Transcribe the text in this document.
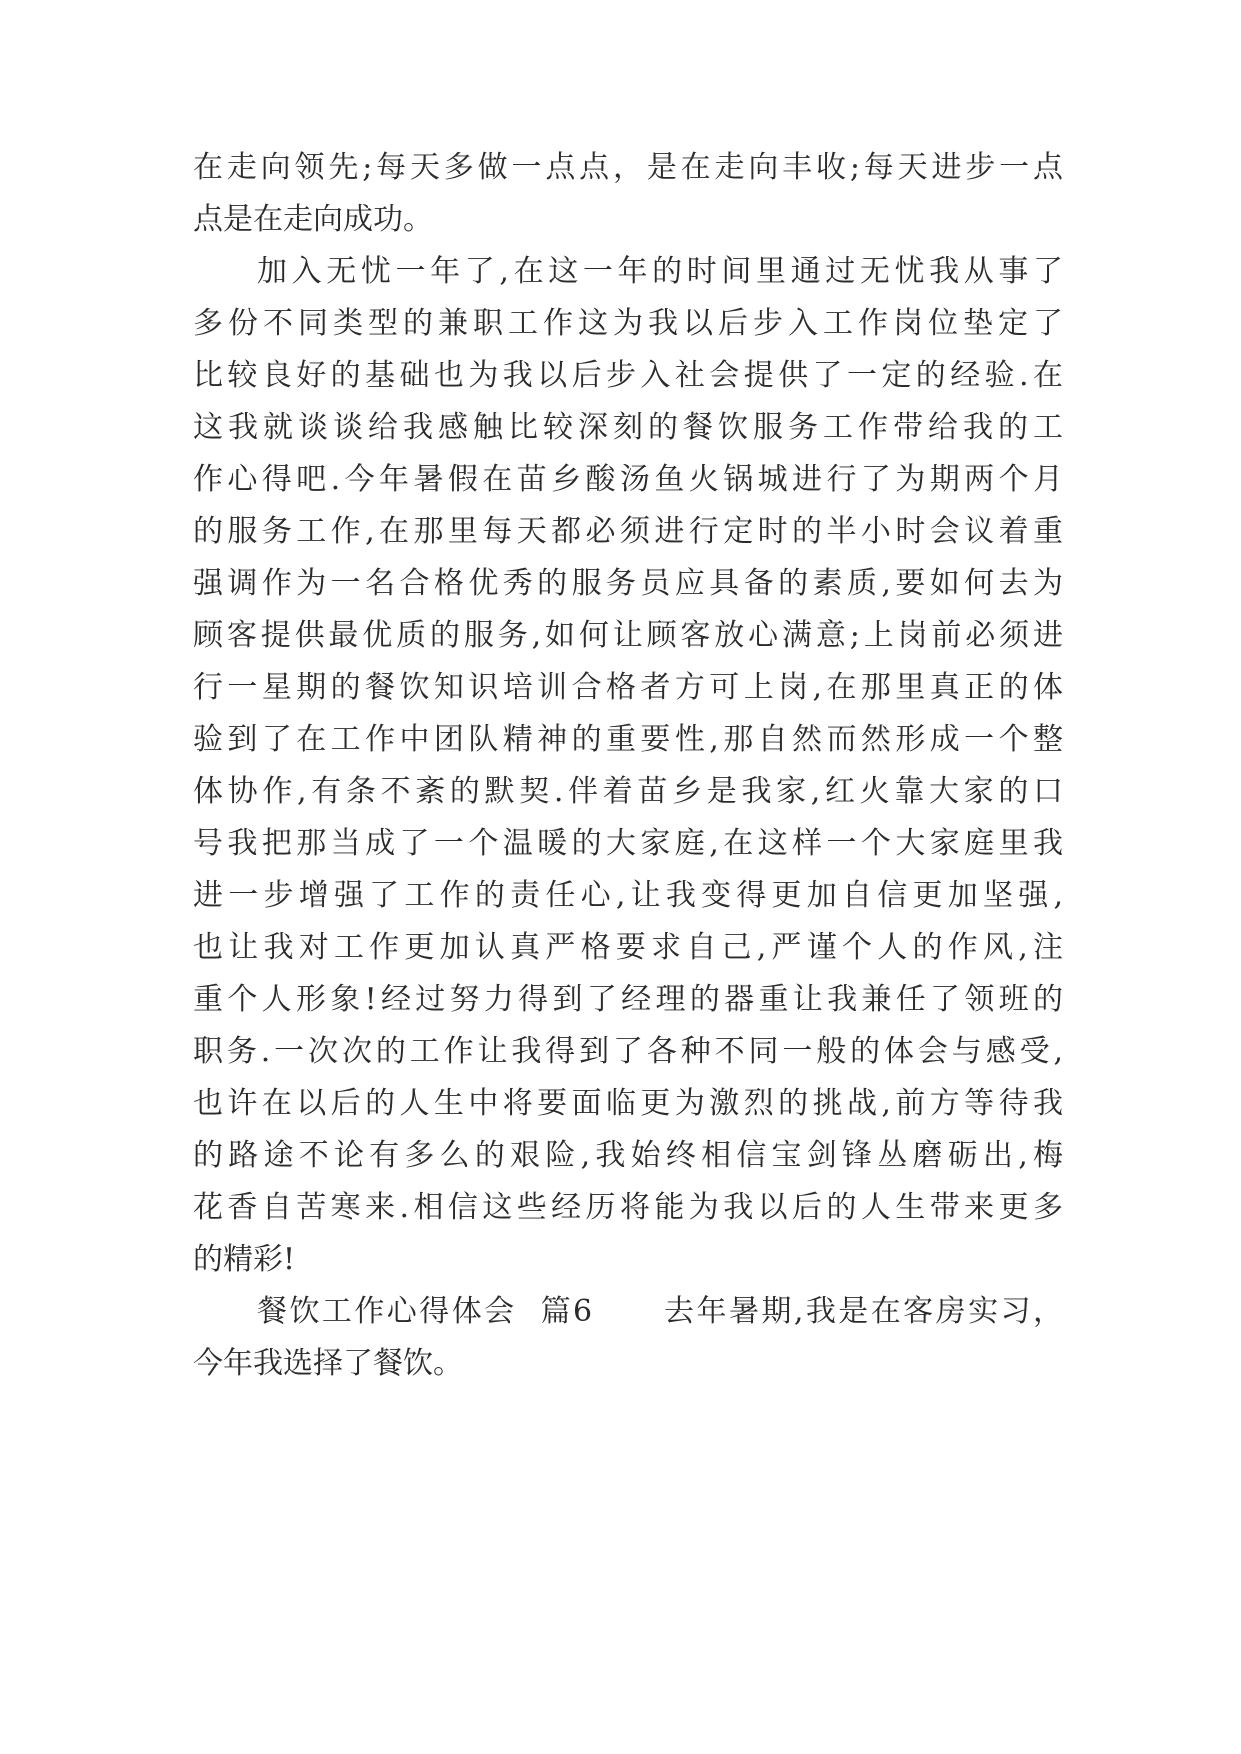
在走向领先;每天多做一点点，是在走向丰收;每天进步一点
点是在走向成功。
加入无忧一年了,在这一年的时间里通过无忧我从事了
多份不同类型的兼职工作这为我以后步入工作岗位垫定了
比较良好的基础也为我以后步入社会提供了一定的经验.在
这我就谈谈给我感触比较深刻的餐饮服务工作带给我的工
作心得吧.今年暑假在苗乡酸汤鱼火锅城进行了为期两个月
的服务工作,在那里每天都必须进行定时的半小时会议着重
强调作为一名合格优秀的服务员应具备的素质,要如何去为
顾客提供最优质的服务,如何让顾客放心满意;上岗前必须进
行一星期的餐饮知识培训合格者方可上岗,在那里真正的体
验到了在工作中团队精神的重要性,那自然而然形成一个整
体协作,有条不紊的默契.伴着苗乡是我家,红火靠大家的口
号我把那当成了一个温暖的大家庭,在这样一个大家庭里我
进一步增强了工作的责任心,让我变得更加自信更加坚强,
也让我对工作更加认真严格要求自己,严谨个人的作风,注
重个人形象!经过努力得到了经理的器重让我兼任了领班的
职务.一次次的工作让我得到了各种不同一般的体会与感受,
也许在以后的人生中将要面临更为激烈的挑战,前方等待我
的路途不论有多么的艰险,我始终相信宝剑锋丛磨砺出,梅
花香自苦寒来.相信这些经历将能为我以后的人生带来更多
的精彩!
餐饮工作心得体会  篇6      去年暑期,我是在客房实习，
今年我选择了餐饮。
